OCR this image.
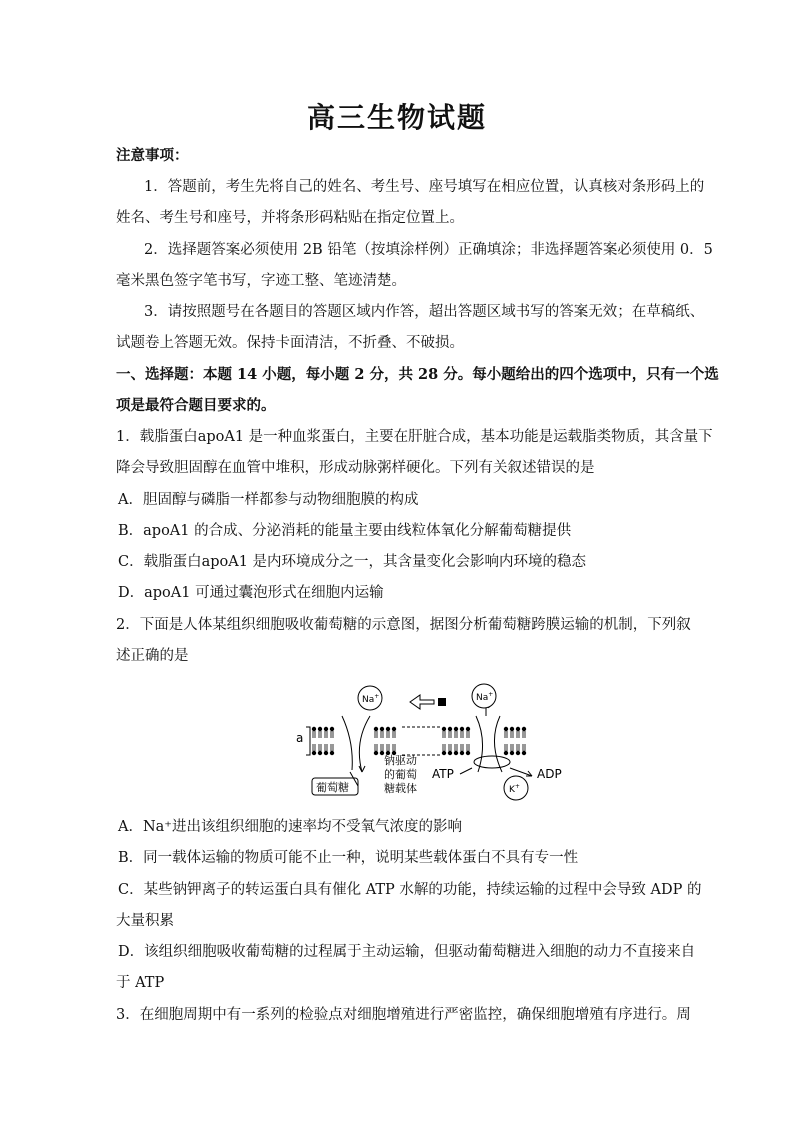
高三生物试题
注意事项：
1．答题前，考生先将自己的姓名、考生号、座号填写在相应位置，认真核对条形码上的
姓名、考生号和座号，并将条形码粘贴在指定位置上。
2．选择题答案必须使用 2B 铅笔（按填涂样例）正确填涂；非选择题答案必须使用 0．5
毫米黑色签字笔书写，字迹工整、笔迹清楚。
3．请按照题号在各题目的答题区域内作答，超出答题区域书写的答案无效；在草稿纸、
试题卷上答题无效。保持卡面清洁，不折叠、不破损。
一、选择题：本题 14 小题，每小题 2 分，共 28 分。每小题给出的四个选项中，只有一个选
项是最符合题目要求的。
1．载脂蛋白apoA1 是一种血浆蛋白，主要在肝脏合成，基本功能是运载脂类物质，其含量下
降会导致胆固醇在血管中堆积，形成动脉粥样硬化。下列有关叙述错误的是
A．胆固醇与磷脂一样都参与动物细胞膜的构成
B．apoA1 的合成、分泌消耗的能量主要由线粒体氧化分解葡萄糖提供
C．载脂蛋白apoA1 是内环境成分之一，其含量变化会影响内环境的稳态
D．apoA1 可通过囊泡形式在细胞内运输
2．下面是人体某组织细胞吸收葡萄糖的示意图，据图分析葡萄糖跨膜运输的机制，下列叙
述正确的是
a
Na+	Na+
葡萄糖
钠驱动
的葡萄
糖载体
ATP	ADP
K+
A．Na⁺进出该组织细胞的速率均不受氧气浓度的影响
B．同一载体运输的物质可能不止一种，说明某些载体蛋白不具有专一性
C．某些钠钾离子的转运蛋白具有催化 ATP 水解的功能，持续运输的过程中会导致 ADP 的
大量积累
D．该组织细胞吸收葡萄糖的过程属于主动运输，但驱动葡萄糖进入细胞的动力不直接来自
于 ATP
3．在细胞周期中有一系列的检验点对细胞增殖进行严密监控，确保细胞增殖有序进行。周
